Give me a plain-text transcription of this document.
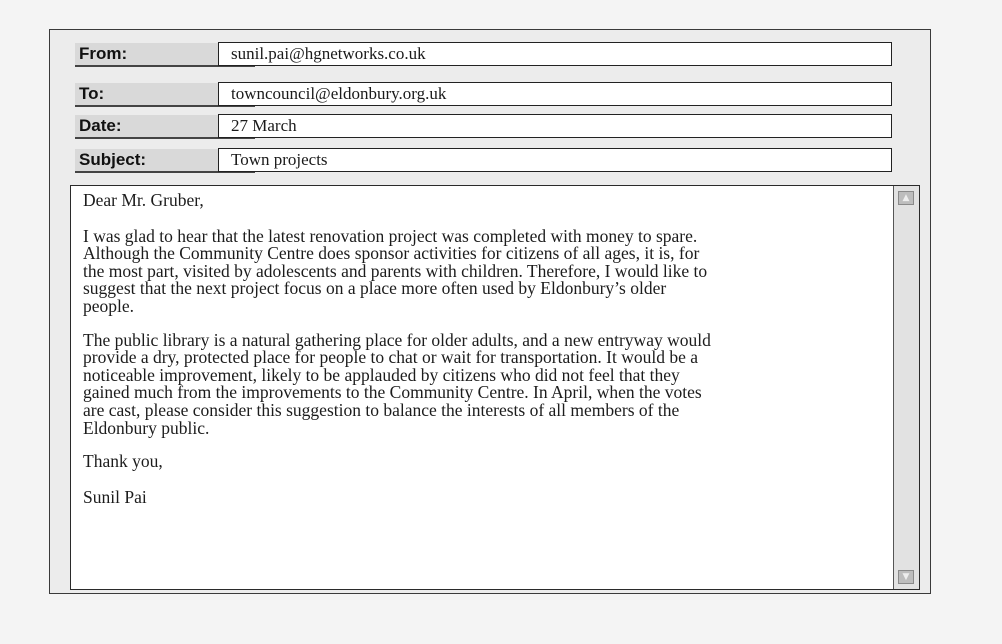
From:	sunil.pai@hgnetworks.co.uk
To:	towncouncil@eldonbury.org.uk
Date:	27 March
Subject:	Town projects

Dear Mr. Gruber,

I was glad to hear that the latest renovation project was completed with money to spare.
Although the Community Centre does sponsor activities for citizens of all ages, it is, for
the most part, visited by adolescents and parents with children. Therefore, I would like to
suggest that the next project focus on a place more often used by Eldonbury’s older
people.

The public library is a natural gathering place for older adults, and a new entryway would
provide a dry, protected place for people to chat or wait for transportation. It would be a
noticeable improvement, likely to be applauded by citizens who did not feel that they
gained much from the improvements to the Community Centre. In April, when the votes
are cast, please consider this suggestion to balance the interests of all members of the
Eldonbury public.

Thank you,

Sunil Pai

▲
▼
